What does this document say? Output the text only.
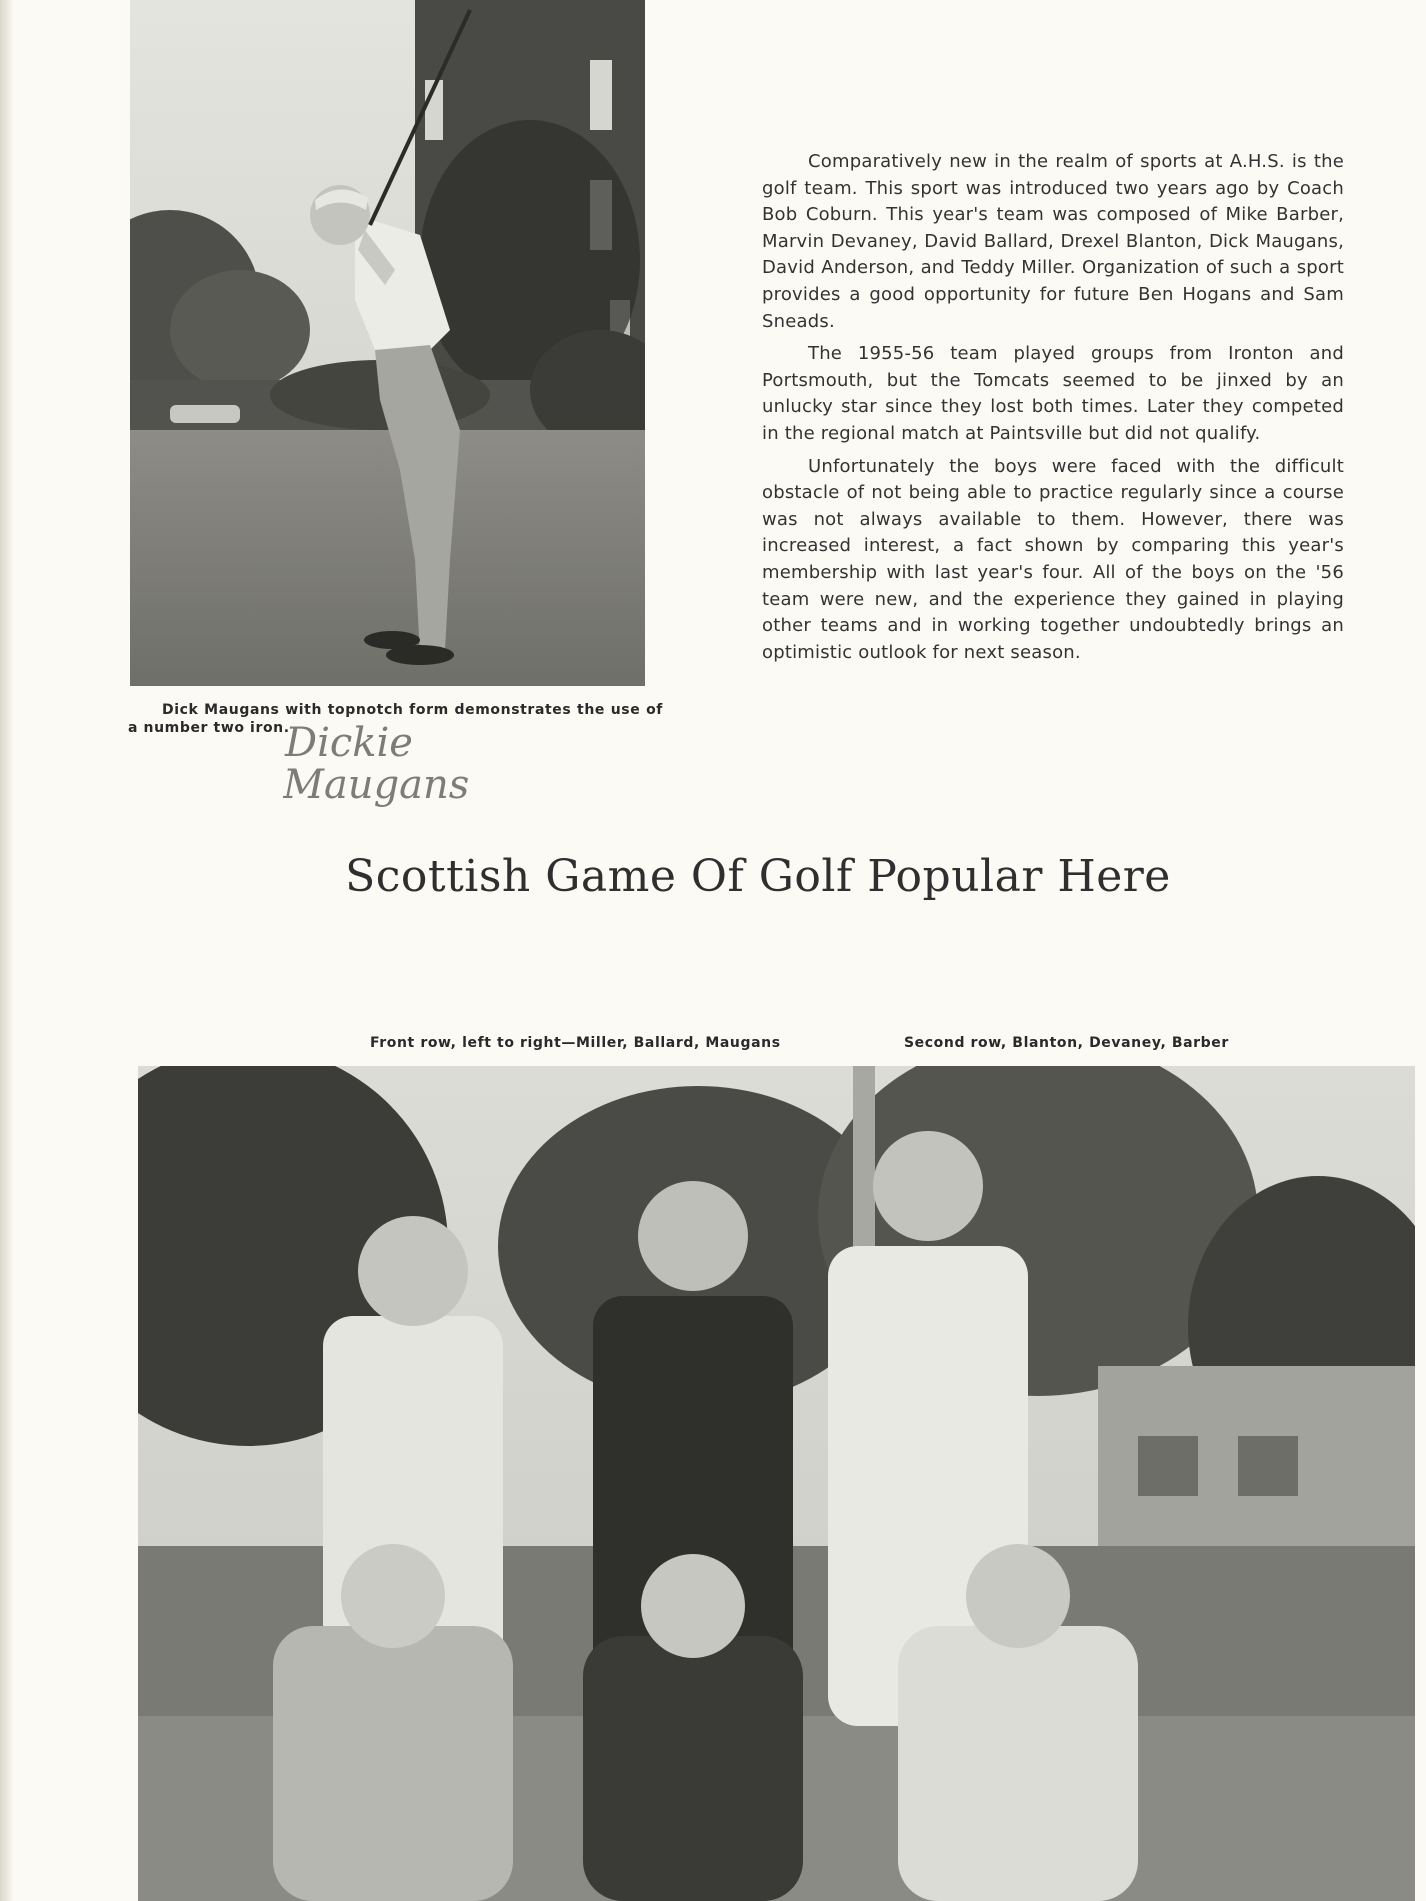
Dick Maugans with topnotch form demonstrates the use of a number two iron.
Dickie
Maugans

Comparatively new in the realm of sports at A.H.S. is the golf team. This sport was introduced two years ago by Coach Bob Coburn. This year's team was composed of Mike Barber, Marvin Devaney, David Ballard, Drexel Blanton, Dick Maugans, David Anderson, and Teddy Miller. Organization of such a sport provides a good opportunity for future Ben Hogans and Sam Sneads.

The 1955-56 team played groups from Ironton and Portsmouth, but the Tomcats seemed to be jinxed by an unlucky star since they lost both times. Later they competed in the regional match at Paintsville but did not qualify.

Unfortunately the boys were faced with the difficult obstacle of not being able to practice regularly since a course was not always available to them. However, there was increased interest, a fact shown by comparing this year's membership with last year's four. All of the boys on the '56 team were new, and the experience they gained in playing other teams and in working together undoubtedly brings an optimistic outlook for next season.

Scottish Game Of Golf Popular Here
Front row, left to right—Miller, Ballard, Maugans	Second row, Blanton, Devaney, Barber
